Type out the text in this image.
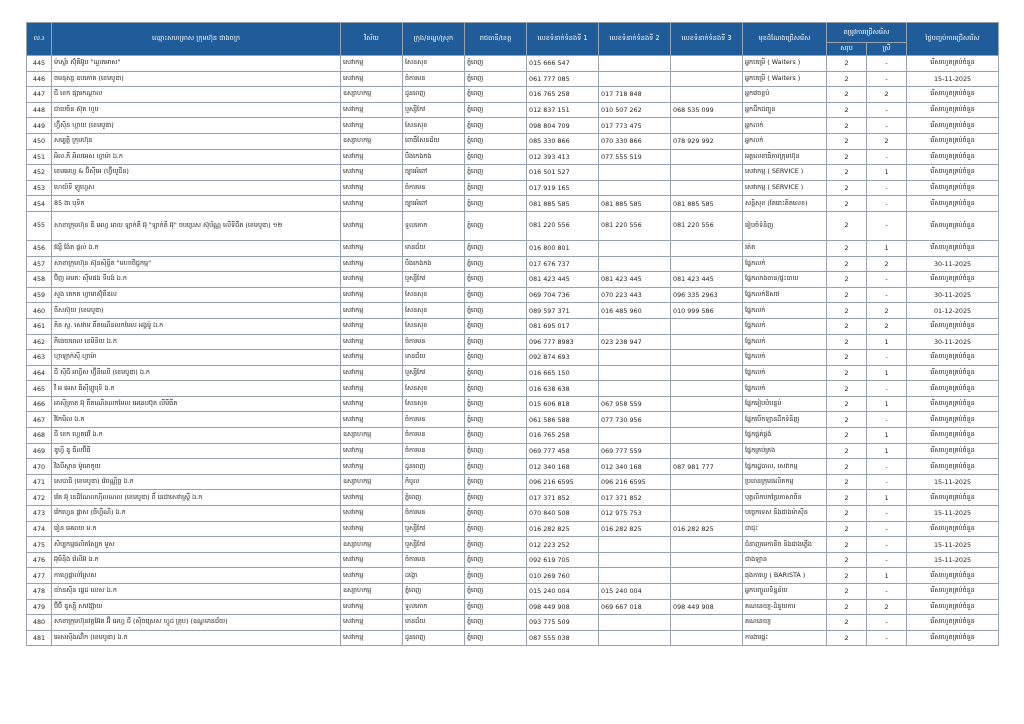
ល.រ	ឈ្មោះសហគ្រាស ក្រុមហ៊ុន ជាងចក្រ	វិស័យ	ក្រុង/ខណ្ឌ/ស្រុក	រាជធានី/ខេត្ត	លេខទំនាក់ទំនងទី 1	លេខទំនាក់ទំនងទី 2	លេខទំនាក់ទំនងទី 3	មុខដំណែងជ្រើសរើស	តម្រូវការជ្រើសរើស		ថ្ងៃបញ្ចប់ការជ្រើសរើស
									សរុប	ស្រី	
445	ម៉ាស្ទ័រ ស៊ុំគីអ៊ូប "ណួតអាស"	សេវាកម្ម	សែនសុខ	ភ្នំពេញ	015 666 547			អ្នកបម្រើ ( Waiters )	2	-	រើសរហូតគ្រប់ចំនួន
446	ចមនុស្ស ឧបភោគ (ខេមបូឌា)	សេវាកម្ម	ចំការមន	ភ្នំពេញ	061 777 085			អ្នកបម្រើ ( Waiters )	2	-	15-11-2025
447	ជី ខេក ផ្សារកណ្ដាល	ឧស្សាហកម្ម	ដូនពេញ	ភ្នំពេញ	016 765 258	017 718 848		អ្នកវេចខ្ចប់	2	2	រើសរហូតគ្រប់ចំនួន
448	ជាយចិន ស៊ុត ហូប	សេវាកម្ម	ឬស្សីកែវ	ភ្នំពេញ	012 837 151	010 507 262	068 535 099	អ្នកដឹកជញ្ជូន	2	-	រើសរហូតគ្រប់ចំនួន
449	ហ្វ៊ីស៊ិន ហ្គាយ (ខេមបូឌា)	សេវាកម្ម	សែនសុខ	ភ្នំពេញ	098 804 709	017 773 475		អ្នកលក់	2	-	រើសរហូតគ្រប់ចំនួន
450	សម្បត្តិ ក្រុមហ៊ុន	ឧស្សាហកម្ម	ពោធិ៍សែនជ័យ	ភ្នំពេញ	085 330 866	070 330 866	078 929 992	អ្នកលក់	2	2	រើសរហូតគ្រប់ចំនួន
451	អិល.ភី អិលអេស ហ្វាម៉ា ឯ.ក	សេវាកម្ម	បឹងកេងកង	ភ្នំពេញ	012 393 413	077 555 519		អគ្គលេខាធិការក្រុមហ៊ុន	2	-	រើសរហូតគ្រប់ចំនួន
452	ខេមអេហ្វ & ប៊ីស៊ីអេ (ហ្វ៊ីយូជីន)	សេវាកម្ម	ច្បារអំពៅ	ភ្នំពេញ	016 501 527			សេវាកម្ម ( SERVICE )	2	1	រើសរហូតគ្រប់ចំនួន
453	ហេយ៍ទី ឡូហ្វេស	សេវាកម្ម	ចំការមន	ភ្នំពេញ	017 919 165			សេវាកម្ម ( SERVICE )	2	-	រើសរហូតគ្រប់ចំនួន
454	85 ងា បុទិក	សេវាកម្ម	ច្បារអំពៅ	ភ្នំពេញ	081 885 585	081 885 585	081 885 585	សន្តិសុខ (តែរោះតិតលេខ)	2	-	រើសរហូតគ្រប់ចំនួន
455	សាខាក្រុមហ៊ុន ឌី អេហ្វ អាយ ឡាក់គី អ៊ុ "ឡាក់គី អ៊ុ" ចបប្រេស ស៊ុប័ណ្ណ លើទីជីត (ខេមបូឌា) ១២	សេវាកម្ម	ទួលគោក	ភ្នំពេញ	081 220 556	081 220 556	081 220 556	រៀបចំទំនិញ	2	-	រើសរហូតគ្រប់ចំនួន
456	វង្សិ ង៉ែត ផ្តល់ ឯ.ក	សេវាកម្ម	មានជ័យ	ភ្នំពេញ	016 800 801			រត់ត	2	1	រើសរហូតគ្រប់ចំនួន
457	សាខាក្រុមហ៊ុន ស៊ុនស៊ិព្វិត "មហាថិជ្ជកម្ម"	សេវាកម្ម	បឹងកេងកង	ភ្នំពេញ	017 676 737			ផ្នែកលក់	2	2	30-11-2025
458	ប៊ិញ អមតៈ ស៊ីមផង ទីបង់ ឯ.ក	សេវាកម្ម	ឬស្សីកែវ	ភ្នំពេញ	081 423 445	081 423 445	081 423 445	ផ្នែកលាងចាន/ផ្ទះបាយ	2	-	រើសរហូតគ្រប់ចំនួន
459	សួង គេកត ហ្វាមាស៊ុំពីឌល	សេវាកម្ម	សែនសុខ	ភ្នំពេញ	069 704 736	070 223 443	096 335 2963	ផ្នែកលក់ឱសថ	2	-	30-11-2025
460	ចីសស៊ុយ (ខេមបូឌា)	សេវាកម្ម	សែនសុខ	ភ្នំពេញ	089 597 371	016 485 960	010 999 586	ផ្នែកលក់	2	2	01-12-2025
461	គិន ស្ទ. សេវាម ពិ៍តណើនលកមែល អង្គម៉ូ ឯ.ក	សេវាកម្ម	សែនសុខ	ភ្នំពេញ	081 695 017			ផ្នែកលក់	2	2	រើសរហូតគ្រប់ចំនួន
462	ភីធេយពេល ខេមិនិយ ឯ.ក	សេវាកម្ម	ចំការមន	ភ្នំពេញ	096 777 8983	023 238 947		ផ្នែកលក់	2	1	30-11-2025
463	ហ្កាឡាក់ស៊ី ហ្វាម៉ា	សេវាកម្ម	មានជ័យ	ភ្នំពេញ	092 874 693			ផ្នែកលក់	2	-	រើសរហូតគ្រប់ចំនួន
464	ជី ស៊ីជី អហ្វីស ហ្វ៊ីនីឈើ (ខេមបូឌា) ឯ.ក	សេវាកម្ម	ឬស្សីកែវ	ភ្នំពេញ	016 665 150			ផ្នែកលក់	2	1	រើសរហូតគ្រប់ចំនួន
465	វី អ អេស ធីស៊ីឡូបុទិ ឯ.ក	សេវាកម្ម	សែនសុខ	ភ្នំពេញ	016 638 638			ផ្នែកលក់	2	-	រើសរហូតគ្រប់ចំនួន
466	អាស៊ីត្រាត អ៊ុ ពិ៍តណើនលកមែល អេនេបប៊ុត លីមីធីត	សេវាកម្ម	សែនសុខ	ភ្នំពេញ	015 606 818	067 958 559		ផ្នែករៀបបំបន្ទប់	2	1	រើសរហូតគ្រប់ចំនួន
467	វិកែមិល ឯ.ក	សេវាកម្ម	ចំការមន	ភ្នំពេញ	061 586 588	077 730 956		ផ្នែកបើកឡានដឹកទំនិញ	2	-	រើសរហូតគ្រប់ចំនួន
468	ជី ខេក ហ្គេតវេវិ ឯ.ក	ឧស្សាហកម្ម	ចំការមន	ភ្នំពេញ	016 765 258			ផ្នែកផ្គត់ផ្គង់	2	1	រើសរហូតគ្រប់ចំនួន
469	ឌូហ្វី ឌូ ធីលប៊ីធី	សេវាកម្ម	ចំការមន	ភ្នំពេញ	069 777 458	069 777 559		ផ្នែកគ្រប់គ្រង	2	1	រើសរហូតគ្រប់ចំនួន
470	វិងបឺស្តាន ម៉ូមោកូយ	សេវាកម្ម	ដូនពេញ	ភ្នំពេញ	012 340 168	012 340 168	087 981 777	ផ្នែករដ្ឋបាល, សេវាកម្ម	2	-	រើសរហូតគ្រប់ចំនួន
471	សេបាជិ (ខេមបូឌា) វ៉េពណ្ណិច្ឆ ឯ.ក	ឧស្សាហកម្ម	កំបូល	ភ្នំពេញ	096 216 6595	096 216 6595		ប្រធានក្រុមផលិតកម្ម	2	-	15-11-2025
472	វ៉េត អ៊ុ នេជិណែលហ៊ីលណល (ខេមបូឌា) ពិ៍ នេជាសេវាស្រ្តី ឯ.ក	សេវាកម្ម	ភ្នំពេញ	ភ្នំពេញ	017 371 852	017 371 852		បុគ្គលិកបកប្រែភាសាចិន	2	1	រើសរហូតគ្រប់ចំនួន
473	វ៉េកហ្វេន ផ្លាស (ធីហ្គឺណី) ឯ.ក	សេវាកម្ម	ចំការមន	ភ្នំពេញ	070 840 508	012 975 753		បច្ចេកទេស និងជាងម៉ាស៊ីន	2	-	15-11-2025
474	រៀន អេពេយ ម.ក	សេវាកម្ម	ឬស្សីកែវ	ភ្នំពេញ	016 282 825	016 282 825	016 282 825	ជាជុះ	2	-	រើសរហូតគ្រប់ចំនួន
475	សិប្បកម្មផលិតស្បែក មួស	ឧស្សាហកម្ម	ឬស្សីកែវ	ភ្នំពេញ	012 223 252			ជំនាញមេកានិច និងជាងភ្លើង	2	-	15-11-2025
476	អ៊ុមិន៉ិង វ៉េលីអ៊ ឯ.ក	សេវាកម្ម	ចំការមន	ភ្នំពេញ	092 619 705			ជាងឡាន	2	-	15-11-2025
477	កាហ្វេផ្ទាល់ស្រែស	សេវាកម្ម	ដង្កោ	ភ្នំពេញ	010 269 760			ឆុងកាហ្វេ ( BARISTA )	2	1	រើសរហូតគ្រប់ចំនួន
478	យ៉ានស៊ីន ផ្ទេដ លេស ឯ.ក	ឧស្សាហកម្ម	ភ្នំពេញ	ភ្នំពេញ	015 240 004	015 240 004		អ្នកបញ្ចូលទិន្នន័យ	2	-	រើសរហូតគ្រប់ចំនួន
479	ប៊ីប៊ី ឌូស្ស៊ី សាវង្ស៊ាយ	សេវាកម្ម	ទួលគោក	ភ្នំពេញ	098 449 908	069 667 018	098 449 908	គណនេយ្យ-ដំនួយការ	2	2	រើសរហូតគ្រប់ចំនួន
480	សាខាក្រុមហ៊ុនវត្តអ៊ែត អ៊ី អេហ្វ ជី (ស៊ិចស្រេស ហ្វូដ គ្រុប) (ឧណ្ឌមានជ័យ)	សេវាកម្ម	មានជ័យ	ភ្នំពេញ	093 775 509			គណនេយ្យ	2	-	រើសរហូតគ្រប់ចំនួន
481	អេសស៊ីងណ៊ិក (ខេមបូឌា) ឯ.ក	សេវាកម្ម	ដូនពេញ	ភ្នំពេញ	087 555 038			ការងារផ្ទះ	2	-	រើសរហូតគ្រប់ចំនួន
